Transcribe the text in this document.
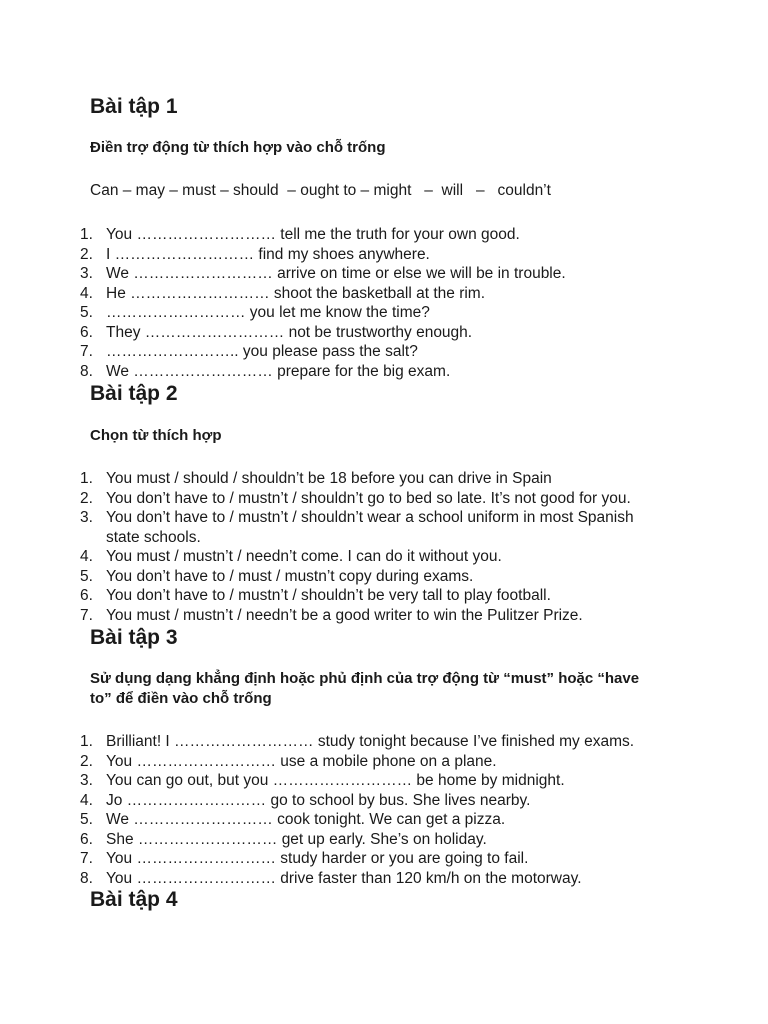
Bài tập 1

Điền trợ động từ thích hợp vào chỗ trống

Can – may – must – should  – ought to – might   –  will   –   couldn’t

1. You ……………………… tell me the truth for your own good.
2. I ……………………… find my shoes anywhere.
3. We ……………………… arrive on time or else we will be in trouble.
4. He ……………………… shoot the basketball at the rim.
5. ……………………… you let me know the time?
6. They ……………………… not be trustworthy enough.
7. …………………….. you please pass the salt?
8. We ……………………… prepare for the big exam.
Bài tập 2

Chọn từ thích hợp

1. You must / should / shouldn’t be 18 before you can drive in Spain
2. You don’t have to / mustn’t / shouldn’t go to bed so late. It’s not good for you.
3. You don’t have to / mustn’t / shouldn’t wear a school uniform in most Spanish state schools.
4. You must / mustn’t / needn’t come. I can do it without you.
5. You don’t have to / must / mustn’t copy during exams.
6. You don’t have to / mustn’t / shouldn’t be very tall to play football.
7. You must / mustn’t / needn’t be a good writer to win the Pulitzer Prize.
Bài tập 3

Sử dụng dạng khẳng định hoặc phủ định của trợ động từ “must” hoặc “have to” để điền vào chỗ trống

1. Brilliant! I ……………………… study tonight because I’ve finished my exams.
2. You ……………………… use a mobile phone on a plane.
3. You can go out, but you ……………………… be home by midnight.
4. Jo ……………………… go to school by bus. She lives nearby.
5. We ……………………… cook tonight. We can get a pizza.
6. She ……………………… get up early. She’s on holiday.
7. You ……………………… study harder or you are going to fail.
8. You ……………………… drive faster than 120 km/h on the motorway.
Bài tập 4
